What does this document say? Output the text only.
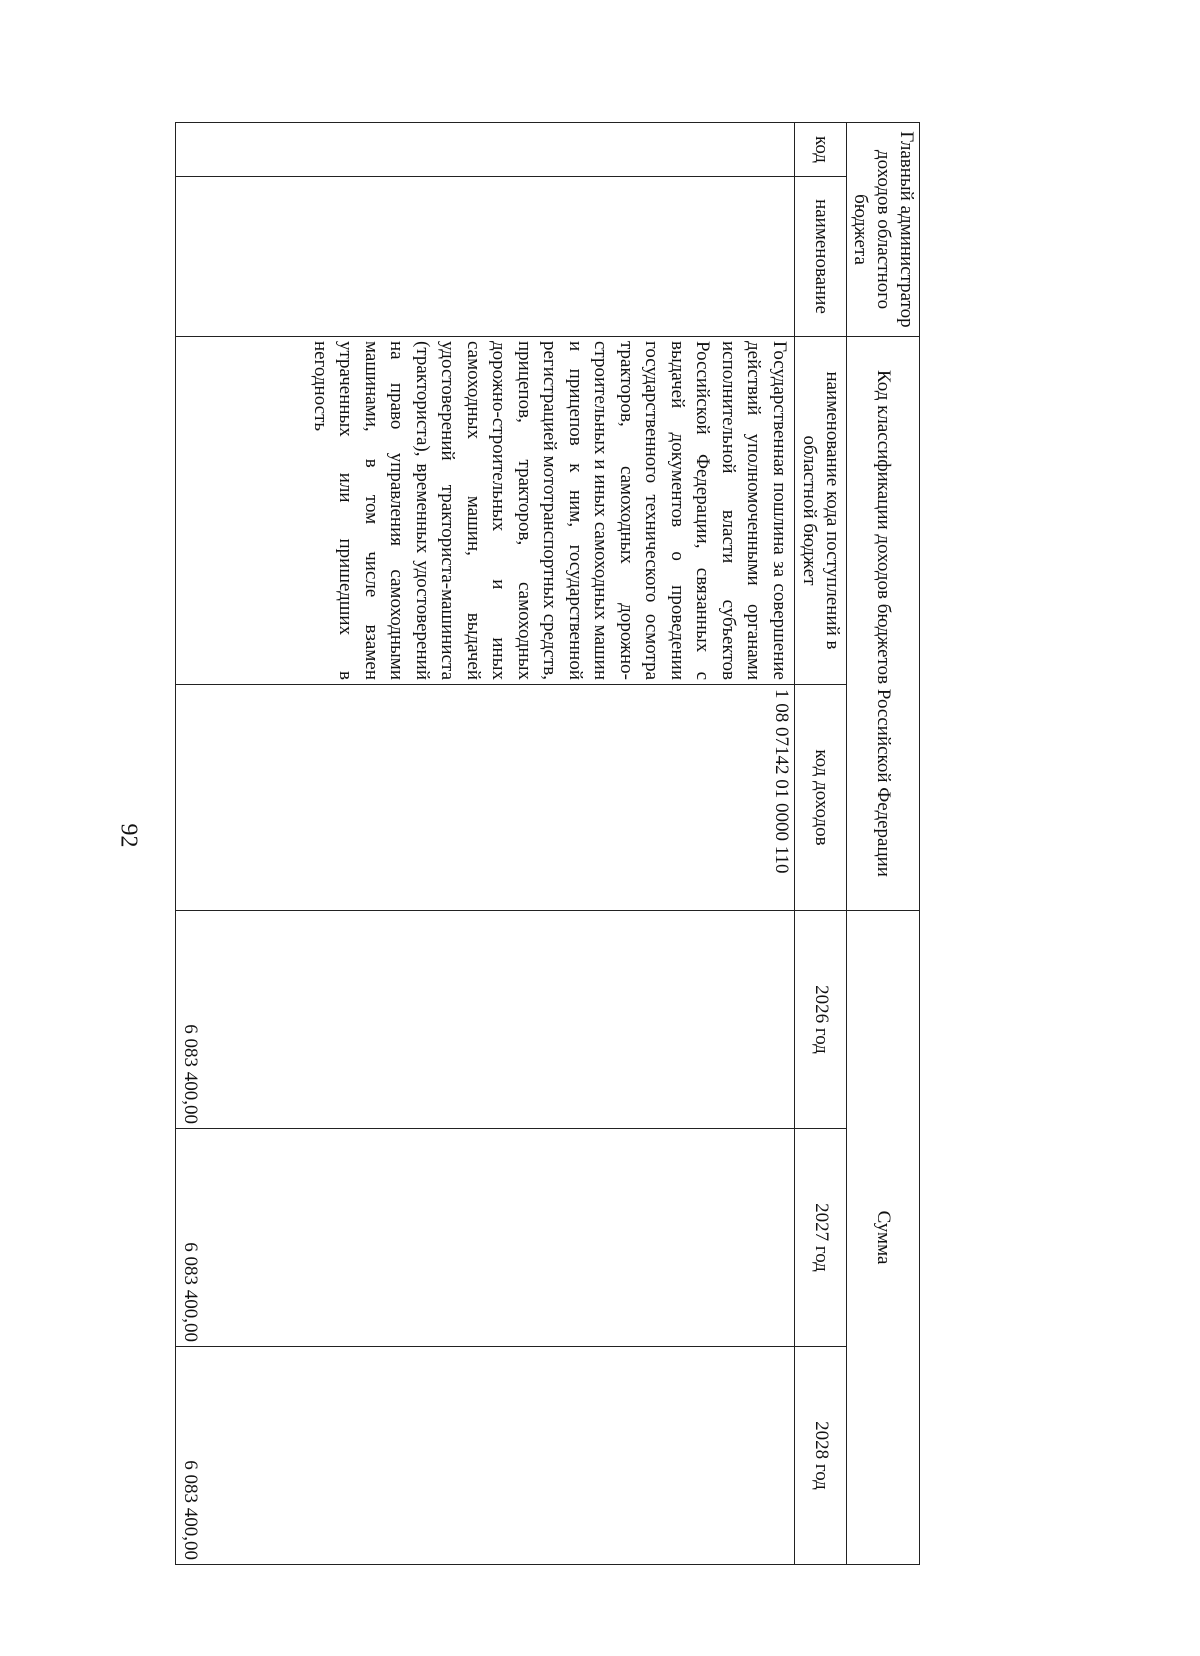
92
Главный администратор доходов областного бюджета		Код классификации доходов бюджетов Российской Федерации		Сумма		
код	наименование	наименование кода поступлений в областной бюджет	код доходов	2026 год	2027 год	2028 год
		Государственная пошлина за совершение действий уполномоченными органами исполнительной власти субъектов Российской Федерации, связанных с выдачей документов о проведении государственного технического осмотра тракторов, самоходных дорожно-строительных и иных самоходных машин и прицепов к ним, государственной регистрацией мототранспортных средств, прицепов, тракторов, самоходных дорожно-строительных и иных самоходных машин, выдачей удостоверений тракториста-машиниста (тракториста), временных удостоверений на право управления самоходными машинами, в том числе взамен утраченных или пришедших в негодность	1 08 07142 01 0000 110	6 083 400,00	6 083 400,00	6 083 400,00
